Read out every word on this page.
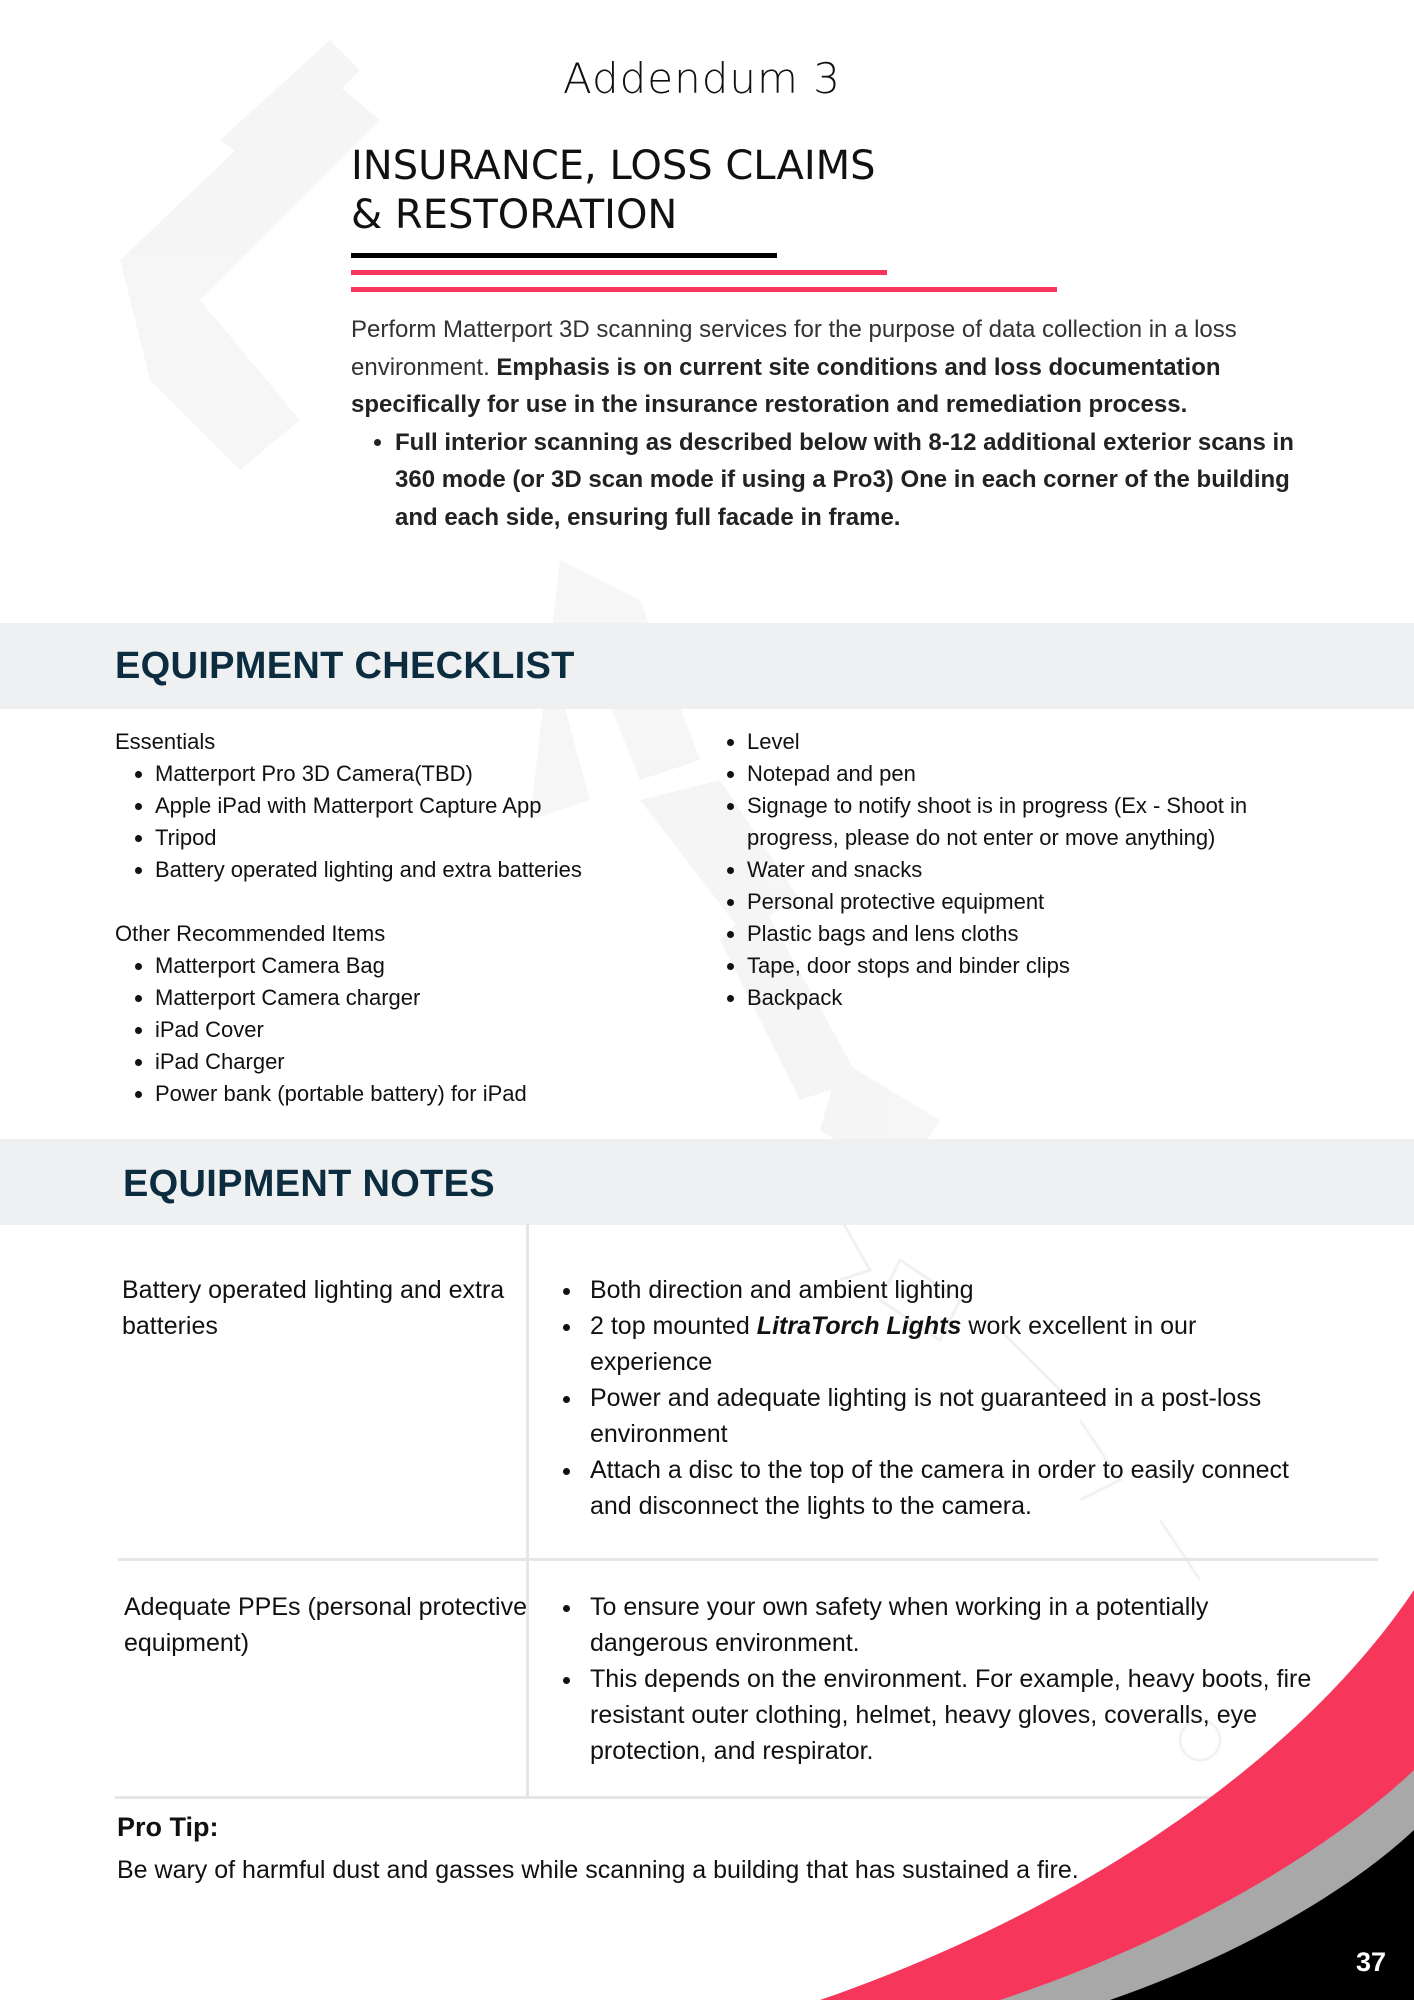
Addendum 3
INSURANCE, LOSS CLAIMS
& RESTORATION
Perform Matterport 3D scanning services for the purpose of data collection in a loss environment. Emphasis is on current site conditions and loss documentation specifically for use in the insurance restoration and remediation process.
• Full interior scanning as described below with 8-12 additional exterior scans in 360 mode (or 3D scan mode if using a Pro3) One in each corner of the building and each side, ensuring full facade in frame.
EQUIPMENT CHECKLIST
Essentials
• Matterport Pro 3D Camera(TBD)
• Apple iPad with Matterport Capture App
• Tripod
• Battery operated lighting and extra batteries
Other Recommended Items
• Matterport Camera Bag
• Matterport Camera charger
• iPad Cover
• iPad Charger
• Power bank (portable battery) for iPad
• Level
• Notepad and pen
• Signage to notify shoot is in progress (Ex - Shoot in progress, please do not enter or move anything)
• Water and snacks
• Personal protective equipment
• Plastic bags and lens cloths
• Tape, door stops and binder clips
• Backpack
EQUIPMENT NOTES
Battery operated lighting and extra batteries
• Both direction and ambient lighting
• 2 top mounted LitraTorch Lights work excellent in our experience
• Power and adequate lighting is not guaranteed in a post-loss environment
• Attach a disc to the top of the camera in order to easily connect and disconnect the lights to the camera.
Adequate PPEs (personal protective equipment)
• To ensure your own safety when working in a potentially dangerous environment.
• This depends on the environment. For example, heavy boots, fire resistant outer clothing, helmet, heavy gloves, coveralls, eye protection, and respirator.
Pro Tip:
Be wary of harmful dust and gasses while scanning a building that has sustained a fire.
37
